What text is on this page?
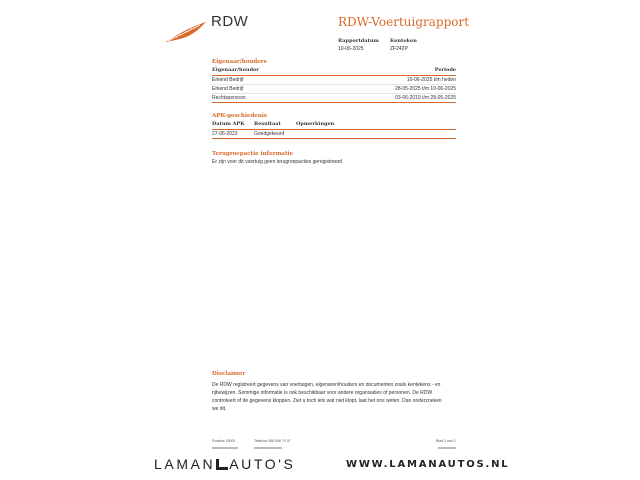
RDW	RDW-Voertuigrapport
Rapportdatum
10-06-2025
Kenteken
ZF242P
Eigenaar/houders
Eigenaar/houder	Periode
Erkend Bedrijf	10-06-2025 t/m heden
Erkend Bedrijf	28-05-2025 t/m 10-06-2025
Rechtspersoon	03-06-2019 t/m 28-05-2025
APK-geschiedenis
Datum APK	Resultaat	Opmerkingen
27-06-2023	Goedgekeurd
Terugroepactie informatie
Er zijn voor dit voertuig geen terugroepacties geregistreerd
Disclaimer
De RDW registreert gegevens van voertuigen, eigenaren/houders en documenten zoals kentekens - en
rijbewijzen. Sommige informatie is ook beschikbaar voor andere organisaties of personen. De RDW
controleert of de gegevens kloppen. Ziet u toch iets wat niet klopt, laat het ons weten. Dan onderzoeken
we dit.
Postbus 30000	Telefoon 088 008 74 47	Blad 3 van 3
LAMAN AUTO'S	WWW.LAMANAUTOS.NL
